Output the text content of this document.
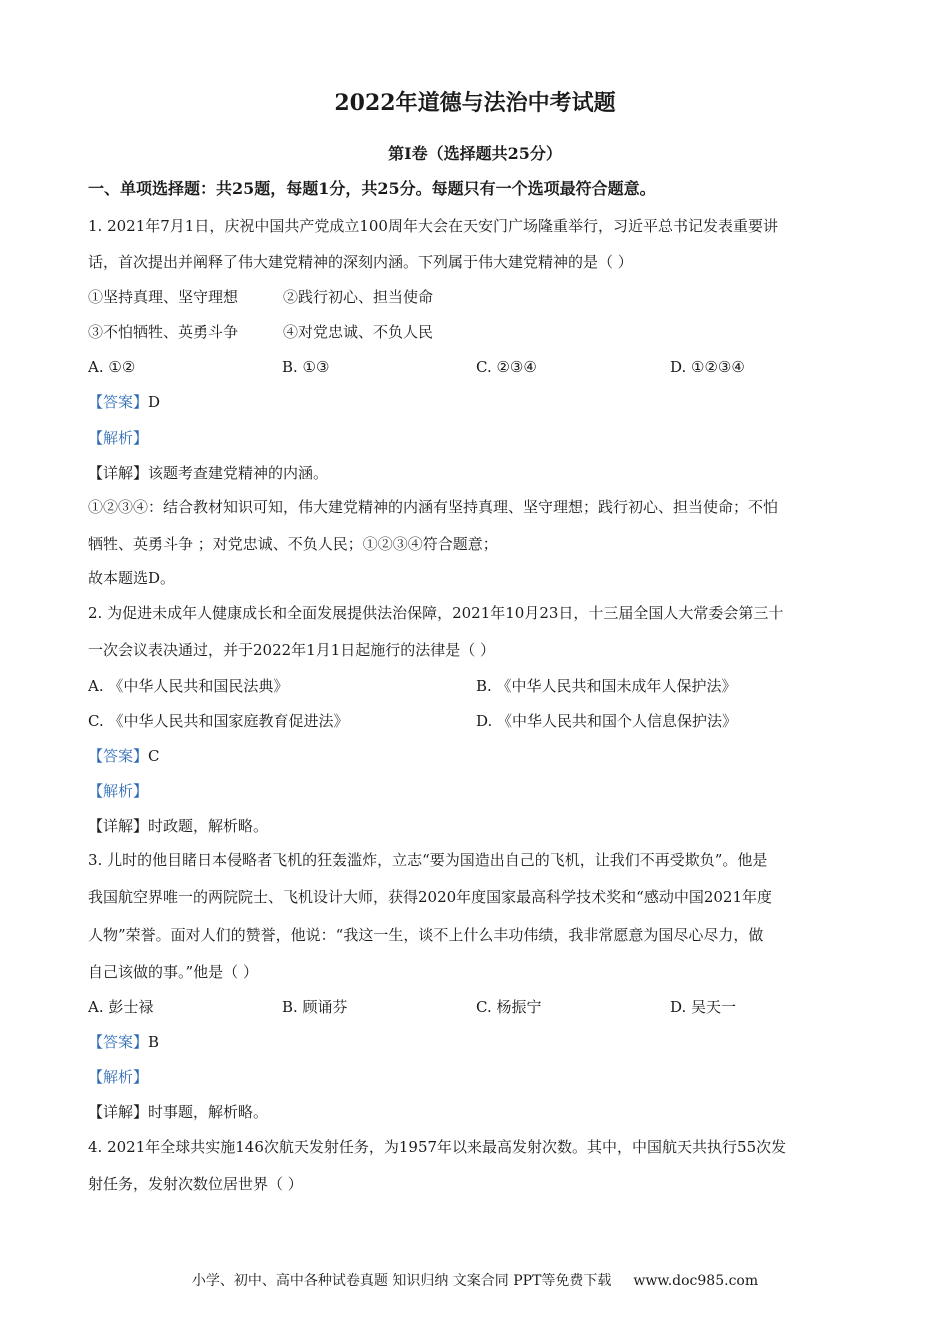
2022年道德与法治中考试题
第I卷（选择题共25分）
一、单项选择题：共25题，每题1分，共25分。每题只有一个选项最符合题意。
1. 2021年7月1日，庆祝中国共产党成立100周年大会在天安门广场隆重举行，习近平总书记发表重要讲
话，首次提出并阐释了伟大建党精神的深刻内涵。下列属于伟大建党精神的是（ ）
①坚持真理、坚守理想	②践行初心、担当使命
③不怕牺牲、英勇斗争	④对党忠诚、不负人民
A. ①②	B. ①③	C. ②③④	D. ①②③④
【答案】D
【解析】
【详解】该题考查建党精神的内涵。
①②③④：结合教材知识可知，伟大建党精神的内涵有坚持真理、坚守理想；践行初心、担当使命；不怕
牺牲、英勇斗争 ；对党忠诚、不负人民；①②③④符合题意；
故本题选D。
2. 为促进未成年人健康成长和全面发展提供法治保障，2021年10月23日，十三届全国人大常委会第三十
一次会议表决通过，并于2022年1月1日起施行的法律是（ ）
A. 《中华人民共和国民法典》	B. 《中华人民共和国未成年人保护法》
C. 《中华人民共和国家庭教育促进法》	D. 《中华人民共和国个人信息保护法》
【答案】C
【解析】
【详解】时政题，解析略。
3. 儿时的他目睹日本侵略者飞机的狂轰滥炸，立志“要为国造出自己的飞机，让我们不再受欺负”。他是
我国航空界唯一的两院院士、飞机设计大师，获得2020年度国家最高科学技术奖和“感动中国2021年度
人物”荣誉。面对人们的赞誉，他说：“我这一生，谈不上什么丰功伟绩，我非常愿意为国尽心尽力，做
自己该做的事。”他是（ ）
A. 彭士禄	B. 顾诵芬	C. 杨振宁	D. 吴天一
【答案】B
【解析】
【详解】时事题，解析略。
4. 2021年全球共实施146次航天发射任务，为1957年以来最高发射次数。其中，中国航天共执行55次发
射任务，发射次数位居世界（ ）
小学、初中、高中各种试卷真题 知识归纳 文案合同 PPT等免费下载 www.doc985.com
